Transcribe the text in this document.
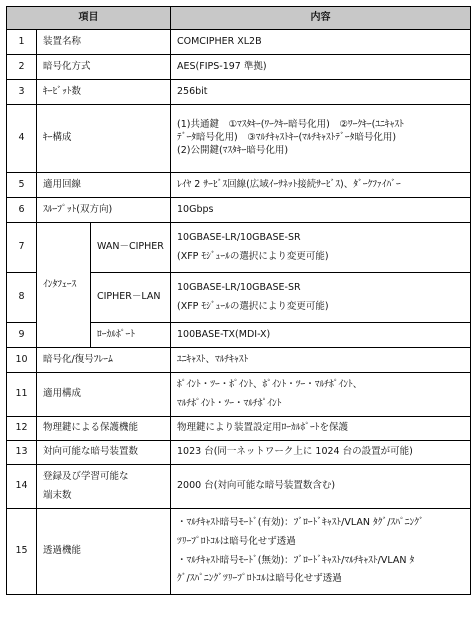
項目			内容
1	装置名称		COMCIPHER XL2B
2	暗号化方式		AES(FIPS-197 準拠)
3	ｷｰﾋﾞｯﾄ数		256bit
4	ｷｰ構成		(1)共通鍵　①ﾏｽﾀｷｰ(ﾜｰｸｷｰ暗号化用)　②ﾜｰｸｷｰ(ﾕﾆｷｬｽﾄ
ﾃﾞｰﾀ暗号化用)　③ﾏﾙﾁｷｬｽﾄｷｰ(ﾏﾙﾁｷｬｽﾄﾃﾞｰﾀ暗号化用)
(2)公開鍵(ﾏｽﾀｷｰ暗号化用)

5	適用回線		ﾚｲﾔ 2 ｻｰﾋﾞｽ回線(広域ｲｰｻﾈｯﾄ接続ｻｰﾋﾞｽ)、ﾀﾞｰｸﾌｧｲﾊﾞｰ
6	ｽﾙｰﾌﾟｯﾄ(双方向)		10Gbps
7	ｲﾝﾀﾌｪｰｽ	WAN－CIPHER	10GBASE-LR/10GBASE-SR
(XFP ﾓｼﾞｭｰﾙの選択により変更可能)

8		CIPHER－LAN	10GBASE-LR/10GBASE-SR
(XFP ﾓｼﾞｭｰﾙの選択により変更可能)

9		ﾛｰｶﾙﾎﾟｰﾄ	100BASE-TX(MDI-X)
10	暗号化/復号ﾌﾚｰﾑ		ﾕﾆｷｬｽﾄ、ﾏﾙﾁｷｬｽﾄ
11	適用構成		ﾎﾟｲﾝﾄ・ﾂｰ・ﾎﾟｲﾝﾄ、ﾎﾟｲﾝﾄ・ﾂｰ・ﾏﾙﾁﾎﾟｲﾝﾄ、
ﾏﾙﾁﾎﾟｲﾝﾄ・ﾂｰ・ﾏﾙﾁﾎﾟｲﾝﾄ

12	物理鍵による保護機能		物理鍵により装置設定用ﾛｰｶﾙﾎﾟｰﾄを保護
13	対向可能な暗号装置数		1023 台(同一ネットワーク上に 1024 台の設置が可能)
14	登録及び学習可能な
端末数		2000 台(対向可能な暗号装置数含む)
15	透過機能		・ﾏﾙﾁｷｬｽﾄ暗号ﾓｰﾄﾞ(有効)：ﾌﾞﾛｰﾄﾞｷｬｽﾄ/VLAN ﾀｸﾞ/ｽﾊﾟﾆﾝｸﾞ
ﾂﾘｰﾌﾟﾛﾄｺﾙは暗号化せず透過
・ﾏﾙﾁｷｬｽﾄ暗号ﾓｰﾄﾞ(無効)：ﾌﾞﾛｰﾄﾞｷｬｽﾄ/ﾏﾙﾁｷｬｽﾄ/VLAN ﾀ
ｸﾞ/ｽﾊﾟﾆﾝｸﾞﾂﾘｰﾌﾟﾛﾄｺﾙは暗号化せず透過
